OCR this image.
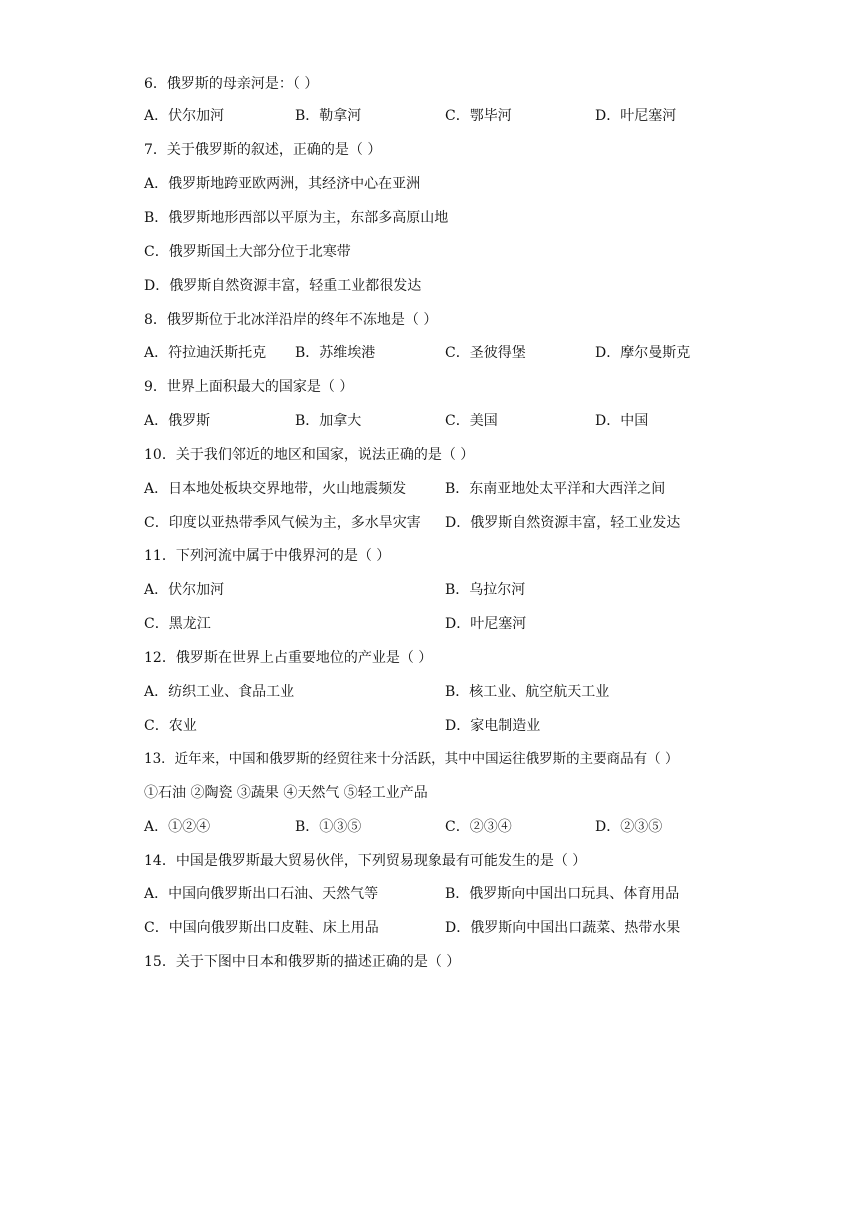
6．俄罗斯的母亲河是：（ ）
A．伏尔加河	B．勒拿河	C．鄂毕河	D．叶尼塞河
7．关于俄罗斯的叙述，正确的是（ ）
A．俄罗斯地跨亚欧两洲，其经济中心在亚洲
B．俄罗斯地形西部以平原为主，东部多高原山地
C．俄罗斯国土大部分位于北寒带
D．俄罗斯自然资源丰富，轻重工业都很发达
8．俄罗斯位于北冰洋沿岸的终年不冻地是（ ）
A．符拉迪沃斯托克 B．苏维埃港	C．圣彼得堡	D．摩尔曼斯克
9．世界上面积最大的国家是（ ）
A．俄罗斯	B．加拿大	C．美国	D．中国
10．关于我们邻近的地区和国家，说法正确的是（ ）
A．日本地处板块交界地带，火山地震频发	B．东南亚地处太平洋和大西洋之间
C．印度以亚热带季风气候为主，多水旱灾害 D．俄罗斯自然资源丰富，轻工业发达
11．下列河流中属于中俄界河的是（ ）
A．伏尔加河	B．乌拉尔河
C．黑龙江	D．叶尼塞河
12．俄罗斯在世界上占重要地位的产业是（ ）
A．纺织工业、食品工业	B．核工业、航空航天工业
C．农业	D．家电制造业
13．近年来，中国和俄罗斯的经贸往来十分活跃，其中中国运往俄罗斯的主要商品有（ ）
①石油 ②陶瓷 ③蔬果 ④天然气 ⑤轻工业产品
A．①②④	B．①③⑤	C．②③④	D．②③⑤
14．中国是俄罗斯最大贸易伙伴，下列贸易现象最有可能发生的是（ ）
A．中国向俄罗斯出口石油、天然气等	B．俄罗斯向中国出口玩具、体育用品
C．中国向俄罗斯出口皮鞋、床上用品	D．俄罗斯向中国出口蔬菜、热带水果
15．关于下图中日本和俄罗斯的描述正确的是（ ）
